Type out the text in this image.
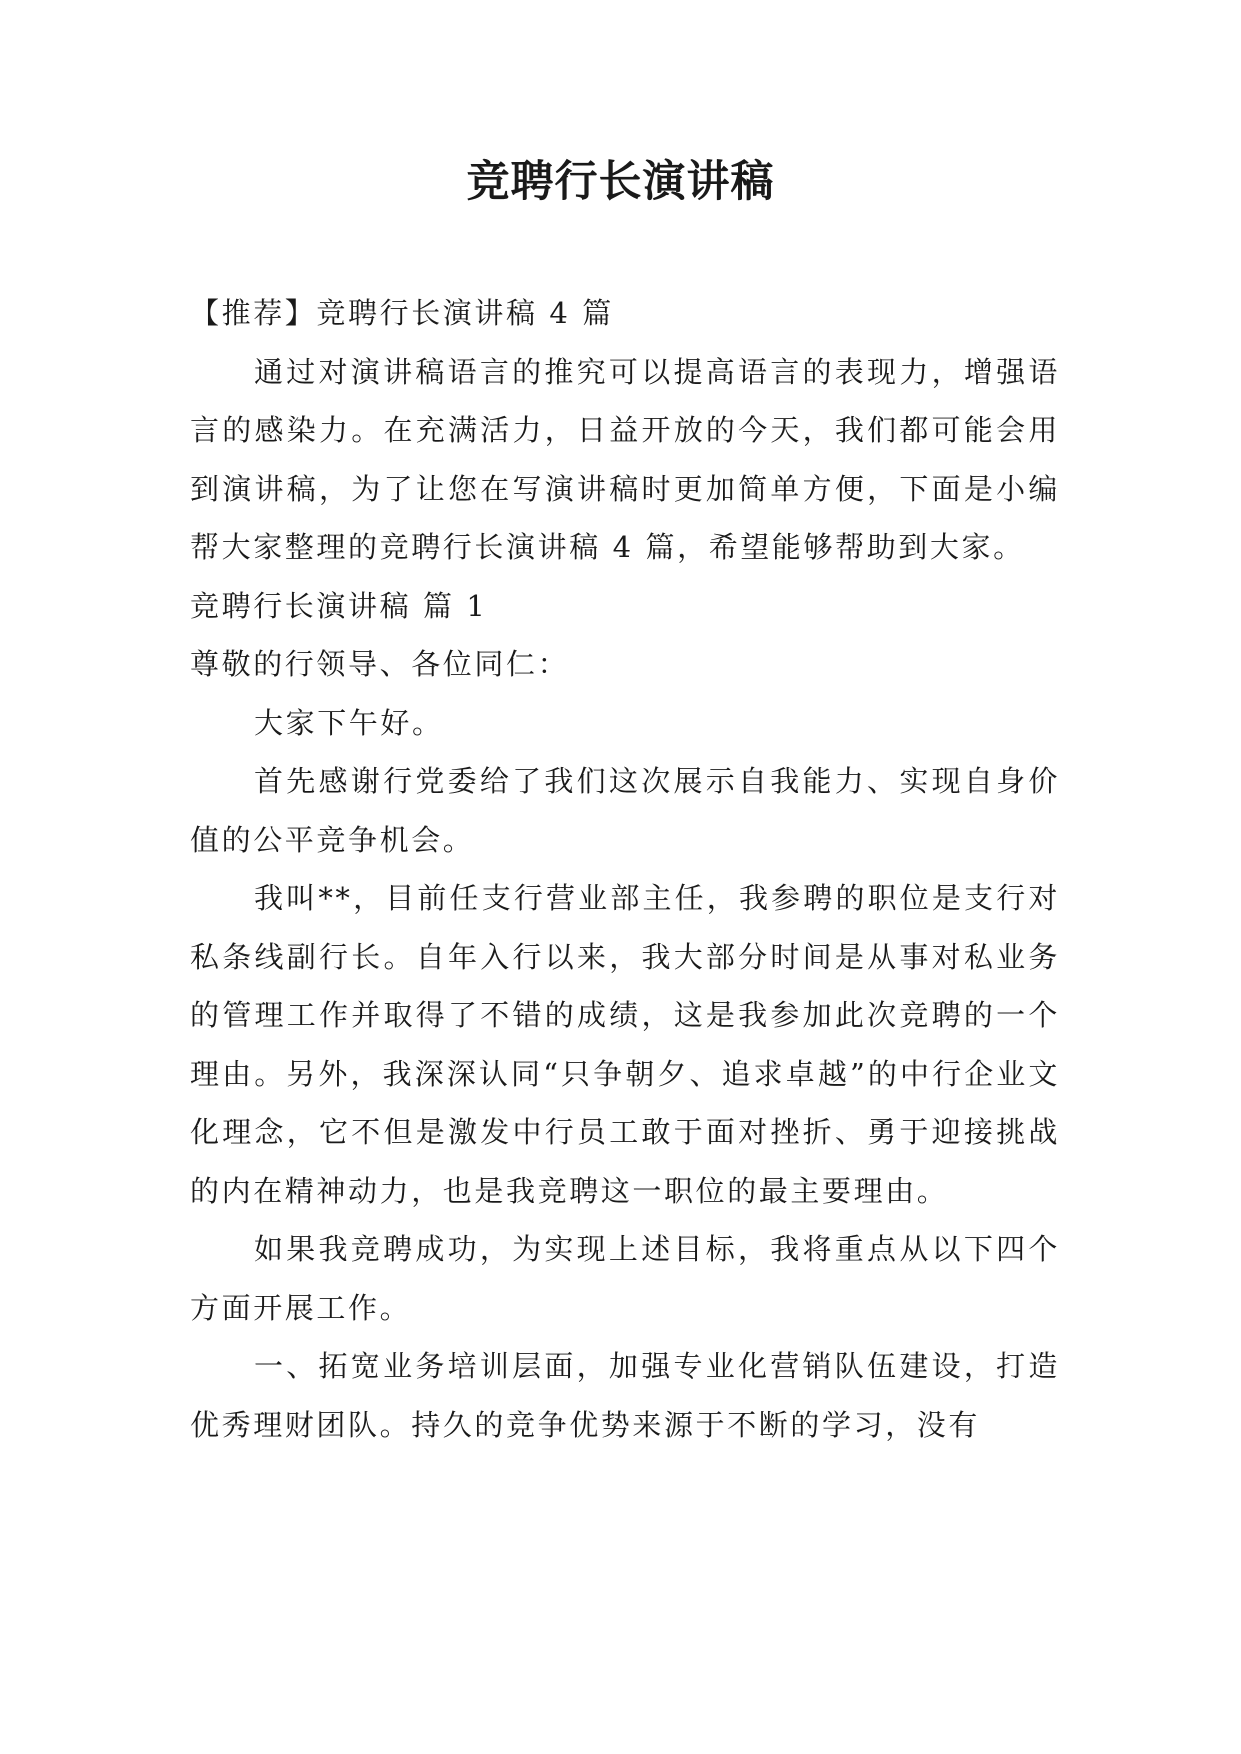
竞聘行长演讲稿

【推荐】竞聘行长演讲稿 4 篇

通过对演讲稿语言的推究可以提高语言的表现力，增强语言的感染力。在充满活力，日益开放的今天，我们都可能会用到演讲稿，为了让您在写演讲稿时更加简单方便，下面是小编帮大家整理的竞聘行长演讲稿 4 篇，希望能够帮助到大家。

竞聘行长演讲稿 篇 1

尊敬的行领导、各位同仁：

大家下午好。

首先感谢行党委给了我们这次展示自我能力、实现自身价值的公平竞争机会。

我叫**，目前任支行营业部主任，我参聘的职位是支行对私条线副行长。自年入行以来，我大部分时间是从事对私业务的管理工作并取得了不错的成绩，这是我参加此次竞聘的一个理由。另外，我深深认同“只争朝夕、追求卓越”的中行企业文化理念，它不但是激发中行员工敢于面对挫折、勇于迎接挑战的内在精神动力，也是我竞聘这一职位的最主要理由。

如果我竞聘成功，为实现上述目标，我将重点从以下四个方面开展工作。

一、拓宽业务培训层面，加强专业化营销队伍建设，打造优秀理财团队。持久的竞争优势来源于不断的学习，没有
